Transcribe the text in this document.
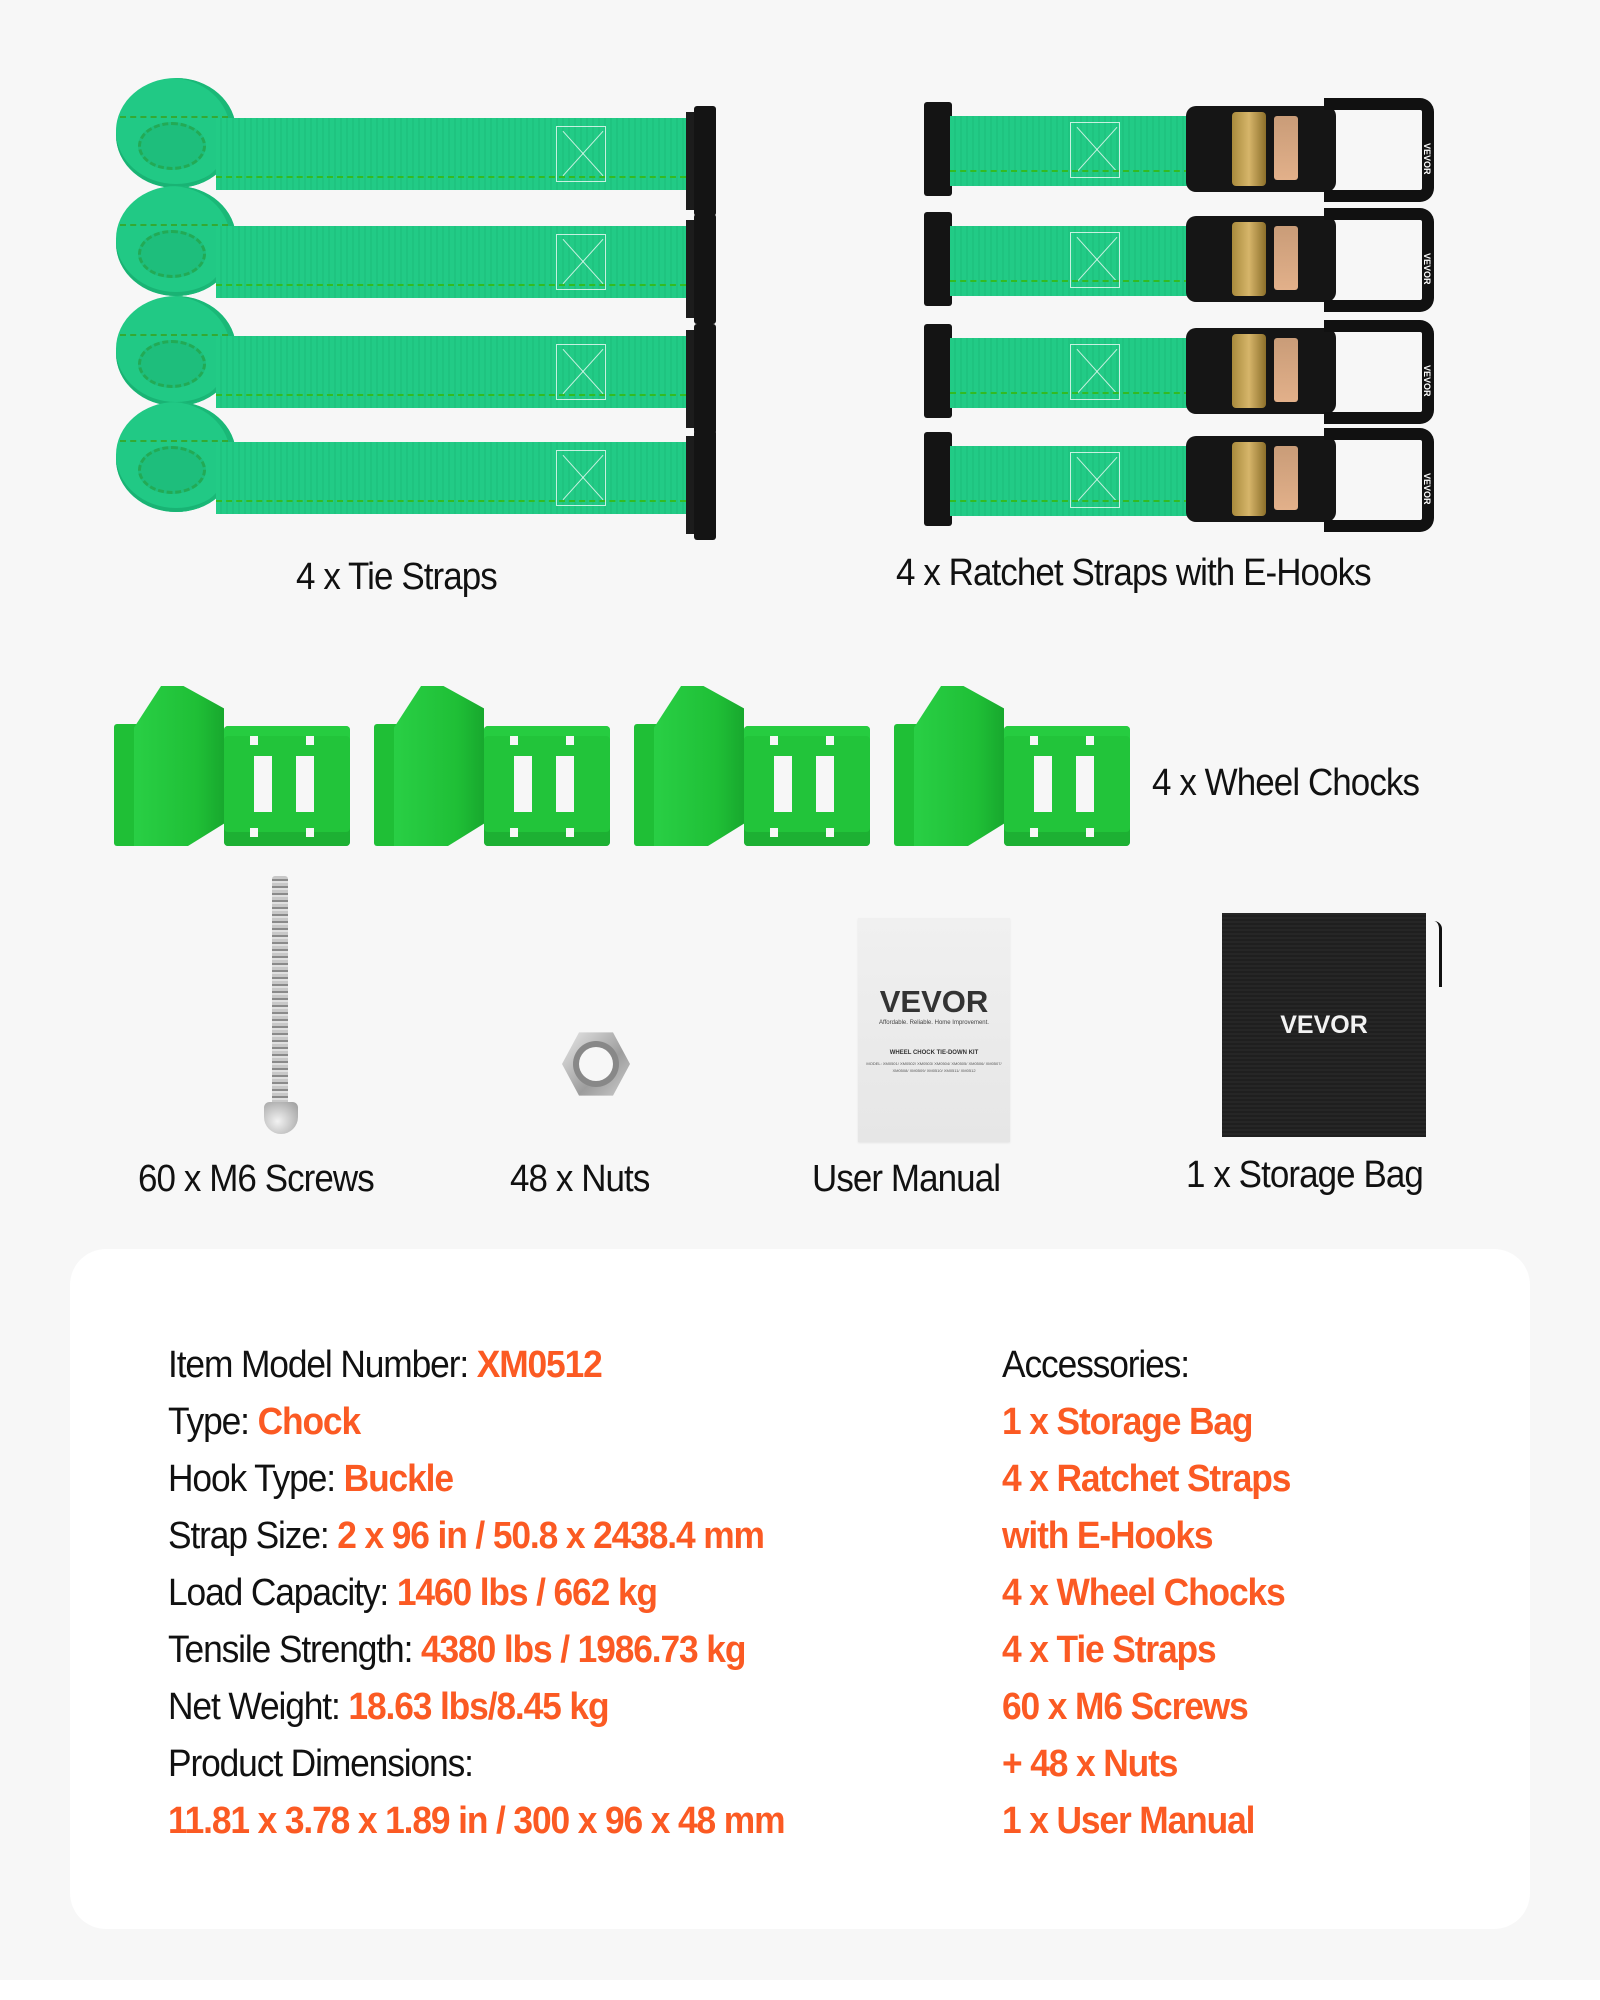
4 x Tie Straps
VEVOR
VEVOR
VEVOR
VEVOR
4 x Ratchet Straps with E-Hooks
4 x Wheel Chocks
60 x M6 Screws	48 x Nuts
VEVOR
Affordable. Reliable. Home Improvement.
WHEEL CHOCK TIE-DOWN KIT
MODEL: XM0501/ XM0502/ XM0503/ XM0504/ XM0505/ XM0506/ XM0507/ XM0508/ XM0509/ XM0510/ XM0511/ XM0512
User Manual
VEVOR
1 x Storage Bag
Item Model Number: XM0512
Type: Chock
Hook Type: Buckle
Strap Size: 2 x 96 in / 50.8 x 2438.4 mm
Load Capacity: 1460 lbs / 662 kg
Tensile Strength: 4380 lbs / 1986.73 kg
Net Weight: 18.63 lbs/8.45 kg
Product Dimensions:
11.81 x 3.78 x 1.89 in / 300 x 96 x 48 mm
Accessories:
1 x Storage Bag
4 x Ratchet Straps
with E-Hooks
4 x Wheel Chocks
4 x Tie Straps
60 x M6 Screws
+ 48 x Nuts
1 x User Manual
